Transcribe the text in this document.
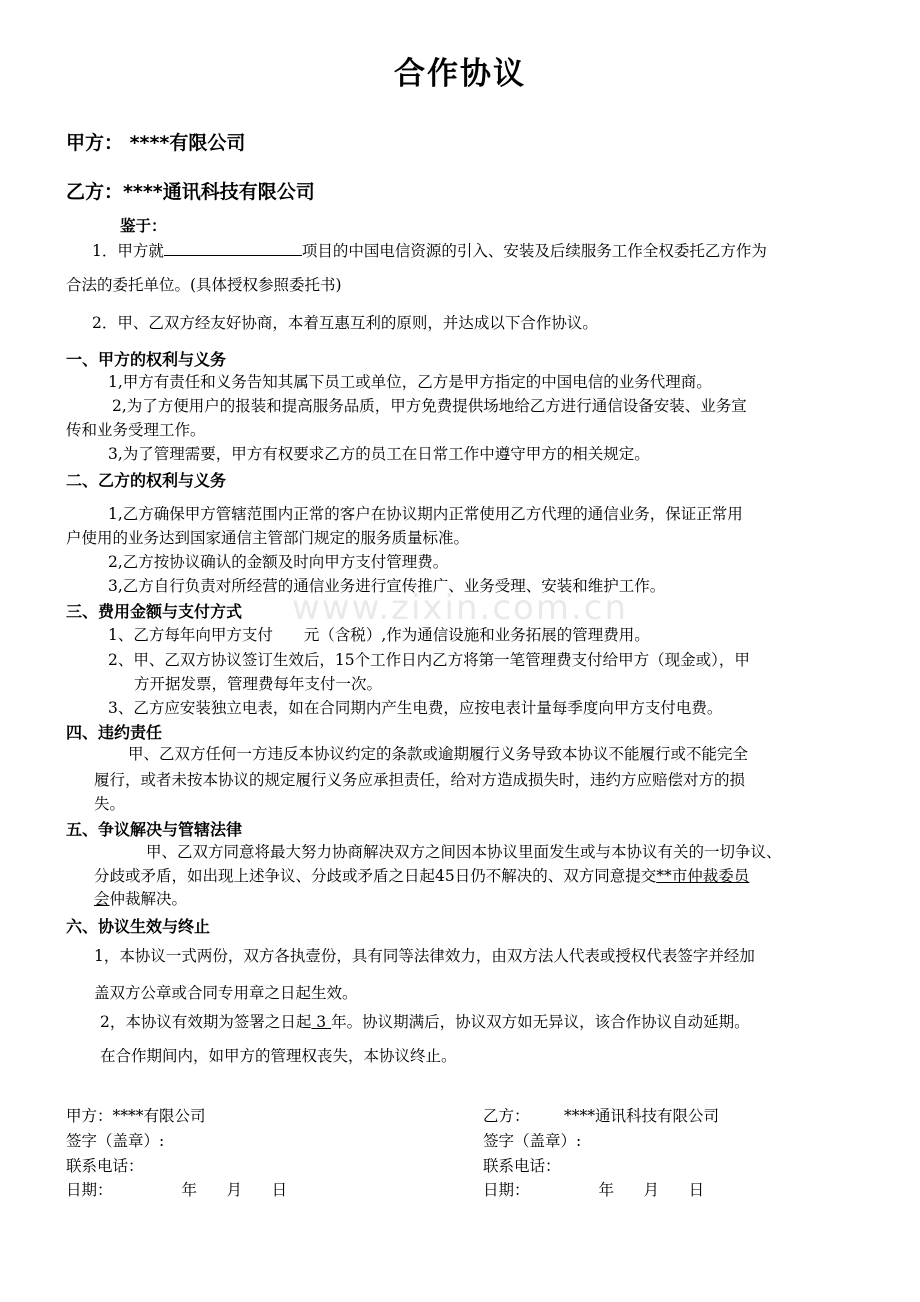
www.zixin.com.cn
合作协议
甲方： ****有限公司
乙方：****通讯科技有限公司
鉴于：
1．甲方就	项目的中国电信资源的引入、安装及后续服务工作全权委托乙方作为
合法的委托单位。(具体授权参照委托书)
2．甲、乙双方经友好协商，本着互惠互利的原则，并达成以下合作协议。
一、甲方的权利与义务
1,甲方有责任和义务告知其属下员工或单位，乙方是甲方指定的中国电信的业务代理商。
2,为了方便用户的报装和提高服务品质，甲方免费提供场地给乙方进行通信设备安装、业务宣
传和业务受理工作。
3,为了管理需要，甲方有权要求乙方的员工在日常工作中遵守甲方的相关规定。
二、乙方的权利与义务
1,乙方确保甲方管辖范围内正常的客户在协议期内正常使用乙方代理的通信业务，保证正常用
户使用的业务达到国家通信主管部门规定的服务质量标准。
2,乙方按协议确认的金额及时向甲方支付管理费。
3,乙方自行负责对所经营的通信业务进行宣传推广、业务受理、安装和维护工作。
三、费用金额与支付方式
1、乙方每年向甲方支付　　元（含税）,作为通信设施和业务拓展的管理费用。
2、甲、乙双方协议签订生效后，15个工作日内乙方将第一笔管理费支付给甲方（现金或），甲
方开据发票，管理费每年支付一次。
3、乙方应安装独立电表，如在合同期内产生电费，应按电表计量每季度向甲方支付电费。
四、违约责任
甲、乙双方任何一方违反本协议约定的条款或逾期履行义务导致本协议不能履行或不能完全
履行，或者未按本协议的规定履行义务应承担责任，给对方造成损失时，违约方应赔偿对方的损
失。
五、争议解决与管辖法律
甲、乙双方同意将最大努力协商解决双方之间因本协议里面发生或与本协议有关的一切争议、
分歧或矛盾，如出现上述争议、分歧或矛盾之日起45日仍不解决的、双方同意提交**市仲裁委员
会仲裁解决。
六、协议生效与终止
1，本协议一式两份，双方各执壹份，具有同等法律效力，由双方法人代表或授权代表签字并经加
盖双方公章或合同专用章之日起生效。
2，本协议有效期为签署之日起 3 年。协议期满后，协议双方如无异议，该合作协议自动延期。
在合作期间内，如甲方的管理权丧失，本协议终止。
甲方：****有限公司
签字（盖章）:
联系电话：
日期：              年      月      日
乙方：       ****通讯科技有限公司
签字（盖章）:
联系电话：
日期：              年      月      日
